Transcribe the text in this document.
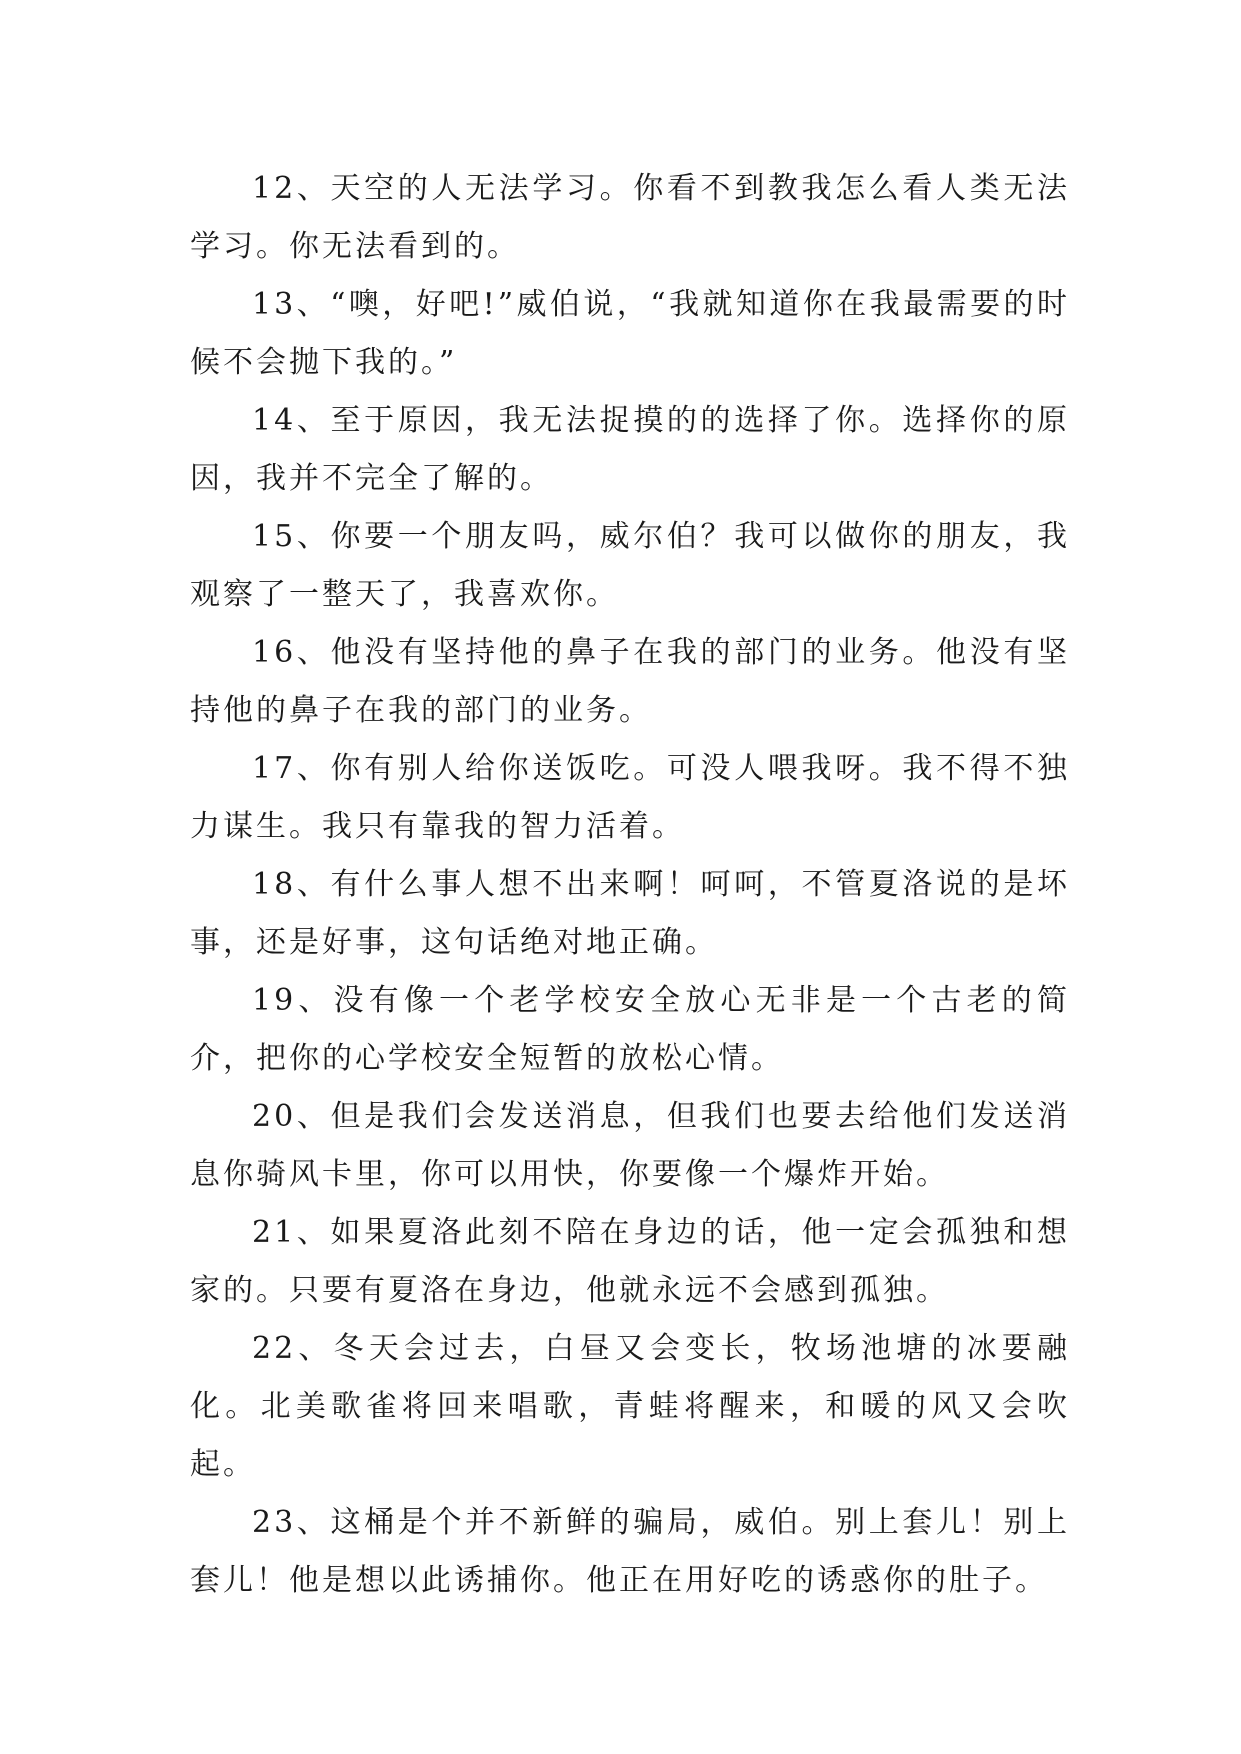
12、天空的人无法学习。你看不到教我怎么看人类无法学习。你无法看到的。

13、“噢，好吧!”威伯说，“我就知道你在我最需要的时候不会抛下我的。”

14、至于原因，我无法捉摸的的选择了你。选择你的原因，我并不完全了解的。

15、你要一个朋友吗，威尔伯？我可以做你的朋友，我观察了一整天了，我喜欢你。

16、他没有坚持他的鼻子在我的部门的业务。他没有坚持他的鼻子在我的部门的业务。

17、你有别人给你送饭吃。可没人喂我呀。我不得不独力谋生。我只有靠我的智力活着。

18、有什么事人想不出来啊！呵呵，不管夏洛说的是坏事，还是好事，这句话绝对地正确。

19、没有像一个老学校安全放心无非是一个古老的简介，把你的心学校安全短暂的放松心情。

20、但是我们会发送消息，但我们也要去给他们发送消息你骑风卡里，你可以用快，你要像一个爆炸开始。

21、如果夏洛此刻不陪在身边的话，他一定会孤独和想家的。只要有夏洛在身边，他就永远不会感到孤独。

22、冬天会过去，白昼又会变长，牧场池塘的冰要融化。北美歌雀将回来唱歌，青蛙将醒来，和暖的风又会吹起。

23、这桶是个并不新鲜的骗局，威伯。别上套儿！别上套儿！他是想以此诱捕你。他正在用好吃的诱惑你的肚子。
